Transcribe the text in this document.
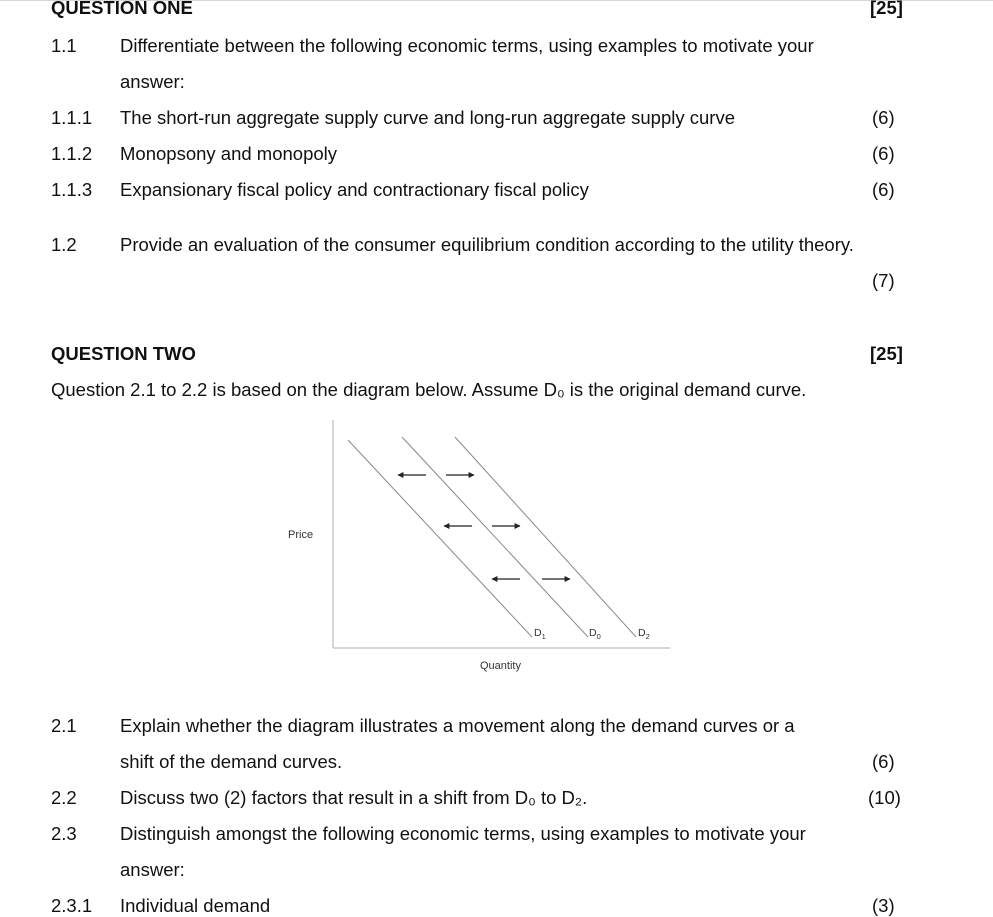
QUESTION ONE	[25]
1.1 Differentiate between the following economic terms, using examples to motivate your
answer:
1.1.1 The short-run aggregate supply curve and long-run aggregate supply curve	(6)
1.1.2 Monopsony and monopoly	(6)
1.1.3 Expansionary fiscal policy and contractionary fiscal policy	(6)
1.2 Provide an evaluation of the consumer equilibrium condition according to the utility theory.
(7)
QUESTION TWO	[25]
Question 2.1 to 2.2 is based on the diagram below. Assume D₀ is the original demand curve.
Price
Quantity
$D_1$	$D_0$	$D_2$
2.1 Explain whether the diagram illustrates a movement along the demand curves or a
shift of the demand curves.	(6)
2.2 Discuss two (2) factors that result in a shift from D₀ to D₂.	(10)
2.3 Distinguish amongst the following economic terms, using examples to motivate your
answer:
2.3.1 Individual demand	(3)
